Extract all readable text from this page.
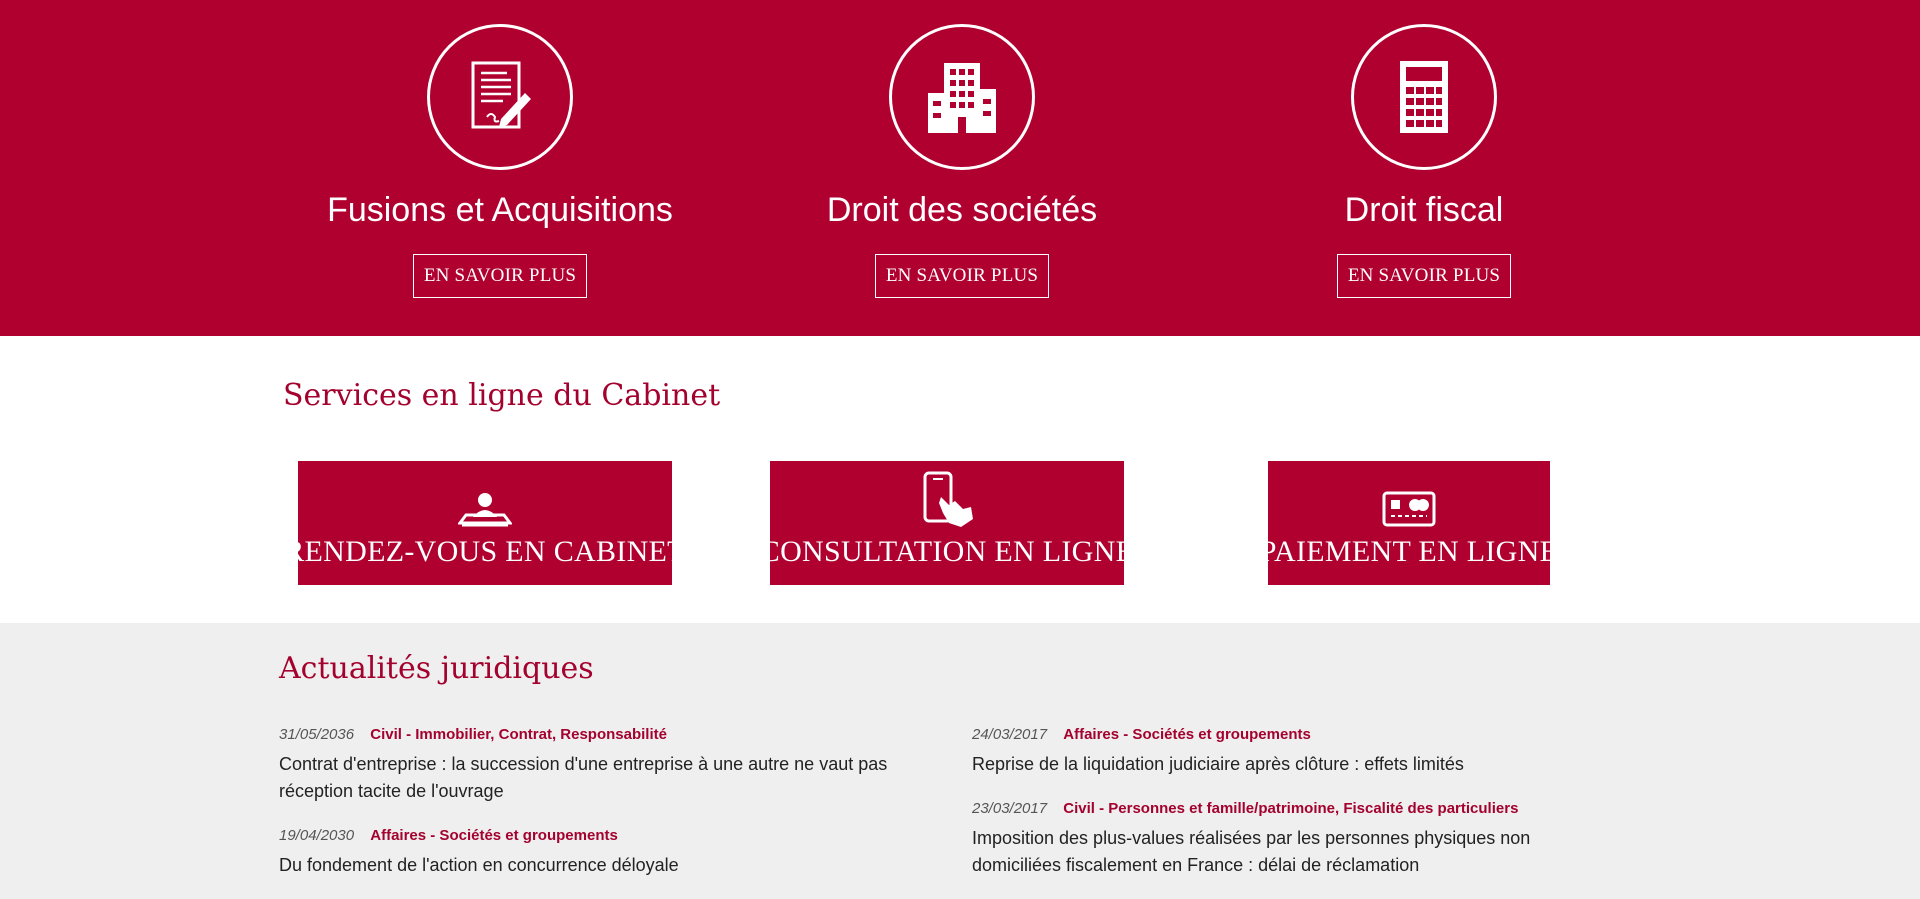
Fusions et Acquisitions
EN SAVOIR PLUS
Droit des sociétés
EN SAVOIR PLUS
Droit fiscal
EN SAVOIR PLUS
Services en ligne du Cabinet
RENDEZ-VOUS EN CABINET CONSULTATION EN LIGNE	PAIEMENT EN LIGNE
Actualités juridiques
31/05/2036 Civil - Immobilier, Contrat, Responsabilité
Contrat d'entreprise : la succession d'une entreprise à une autre ne vaut pas réception tacite de l'ouvrage
19/04/2030 Affaires - Sociétés et groupements
Du fondement de l'action en concurrence déloyale
24/03/2017 Affaires - Sociétés et groupements
Reprise de la liquidation judiciaire après clôture : effets limités
23/03/2017 Civil - Personnes et famille/patrimoine, Fiscalité des particuliers
Imposition des plus-values réalisées par les personnes physiques non domiciliées fiscalement en France : délai de réclamation
